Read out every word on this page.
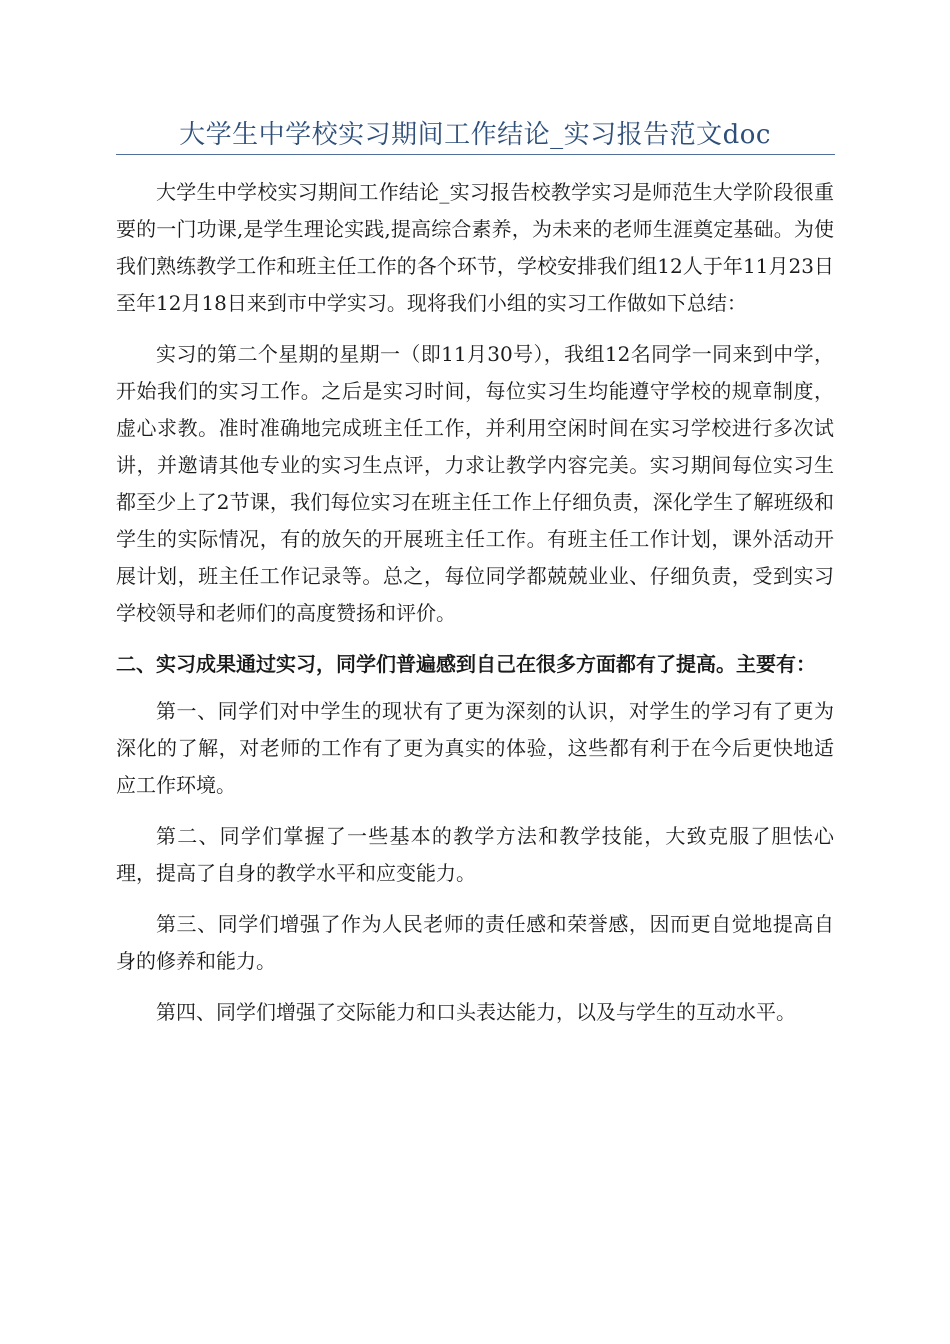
大学生中学校实习期间工作结论_实习报告范文doc

大学生中学校实习期间工作结论_实习报告校教学实习是师范生大学阶段很重要的一门功课,是学生理论实践,提高综合素养，为未来的老师生涯奠定基础。为使我们熟练教学工作和班主任工作的各个环节，学校安排我们组12人于年11月23日至年12月18日来到市中学实习。现将我们小组的实习工作做如下总结：

实习的第二个星期的星期一（即11月30号），我组12名同学一同来到中学，开始我们的实习工作。之后是实习时间，每位实习生均能遵守学校的规章制度，虚心求教。准时准确地完成班主任工作，并利用空闲时间在实习学校进行多次试讲，并邀请其他专业的实习生点评，力求让教学内容完美。实习期间每位实习生都至少上了2节课，我们每位实习在班主任工作上仔细负责，深化学生了解班级和学生的实际情况，有的放矢的开展班主任工作。有班主任工作计划，课外活动开展计划，班主任工作记录等。总之，每位同学都兢兢业业、仔细负责，受到实习学校领导和老师们的高度赞扬和评价。

二、实习成果通过实习，同学们普遍感到自己在很多方面都有了提高。主要有：

第一、同学们对中学生的现状有了更为深刻的认识，对学生的学习有了更为深化的了解，对老师的工作有了更为真实的体验，这些都有利于在今后更快地适应工作环境。

第二、同学们掌握了一些基本的教学方法和教学技能，大致克服了胆怯心理，提高了自身的教学水平和应变能力。

第三、同学们增强了作为人民老师的责任感和荣誉感，因而更自觉地提高自身的修养和能力。

第四、同学们增强了交际能力和口头表达能力，以及与学生的互动水平。
